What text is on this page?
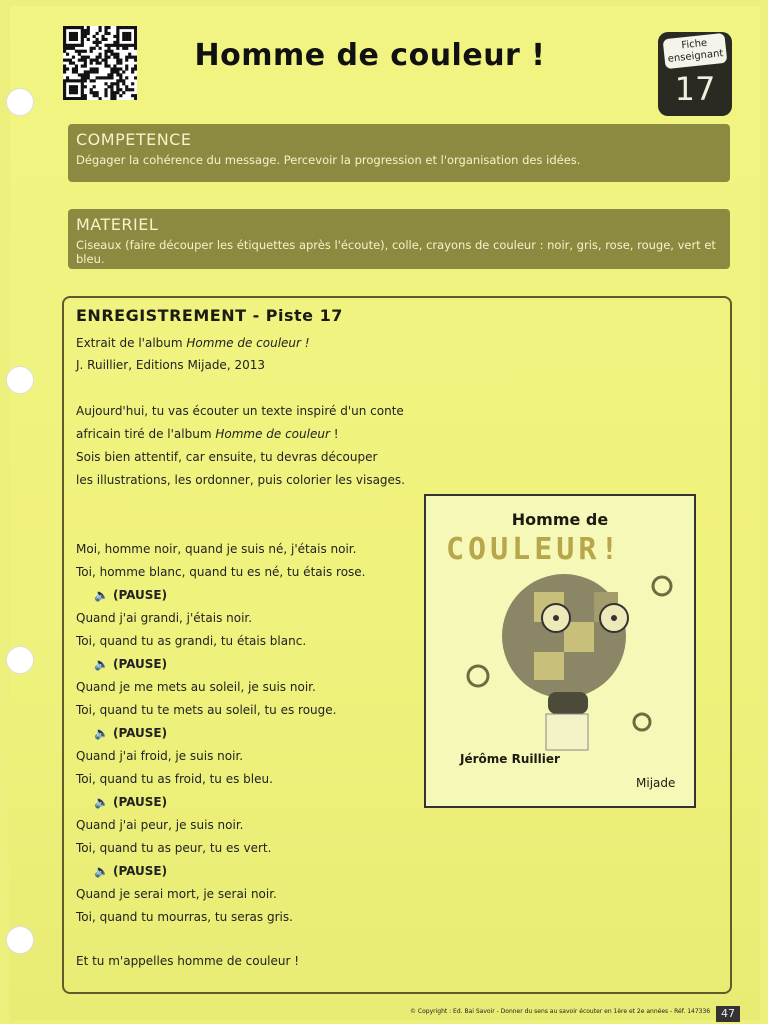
Homme de couleur !	Fiche enseignant
17
COMPETENCE

Dégager la cohérence du message. Percevoir la progression et l'organisation des idées.

MATERIEL

Ciseaux (faire découper les étiquettes après l'écoute), colle, crayons de couleur : noir, gris, rose, rouge, vert et bleu.

ENREGISTREMENT - Piste 17
Extrait de l'album Homme de couleur !
J. Ruillier, Editions Mijade, 2013
Aujourd'hui, tu vas écouter un texte inspiré d'un conte
africain tiré de l'album Homme de couleur !
Sois bien attentif, car ensuite, tu devras découper
les illustrations, les ordonner, puis colorier les visages.
Moi, homme noir, quand je suis né, j'étais noir.
Toi, homme blanc, quand tu es né, tu étais rose.
🔈 (PAUSE)
Quand j'ai grandi, j'étais noir.
Toi, quand tu as grandi, tu étais blanc.
🔈 (PAUSE)
Quand je me mets au soleil, je suis noir.
Toi, quand tu te mets au soleil, tu es rouge.
🔈 (PAUSE)
Quand j'ai froid, je suis noir.
Toi, quand tu as froid, tu es bleu.
🔈 (PAUSE)
Quand j'ai peur, je suis noir.
Toi, quand tu as peur, tu es vert.
🔈 (PAUSE)
Quand je serai mort, je serai noir.
Toi, quand tu mourras, tu seras gris.
Et tu m'appelles homme de couleur !
Homme de
COULEUR!
Jérôme Ruillier
Mijade
© Copyright : Ed. Bai Savoir - Donner du sens au savoir écouter en 1ère et 2e années - Réf. 147336 47
